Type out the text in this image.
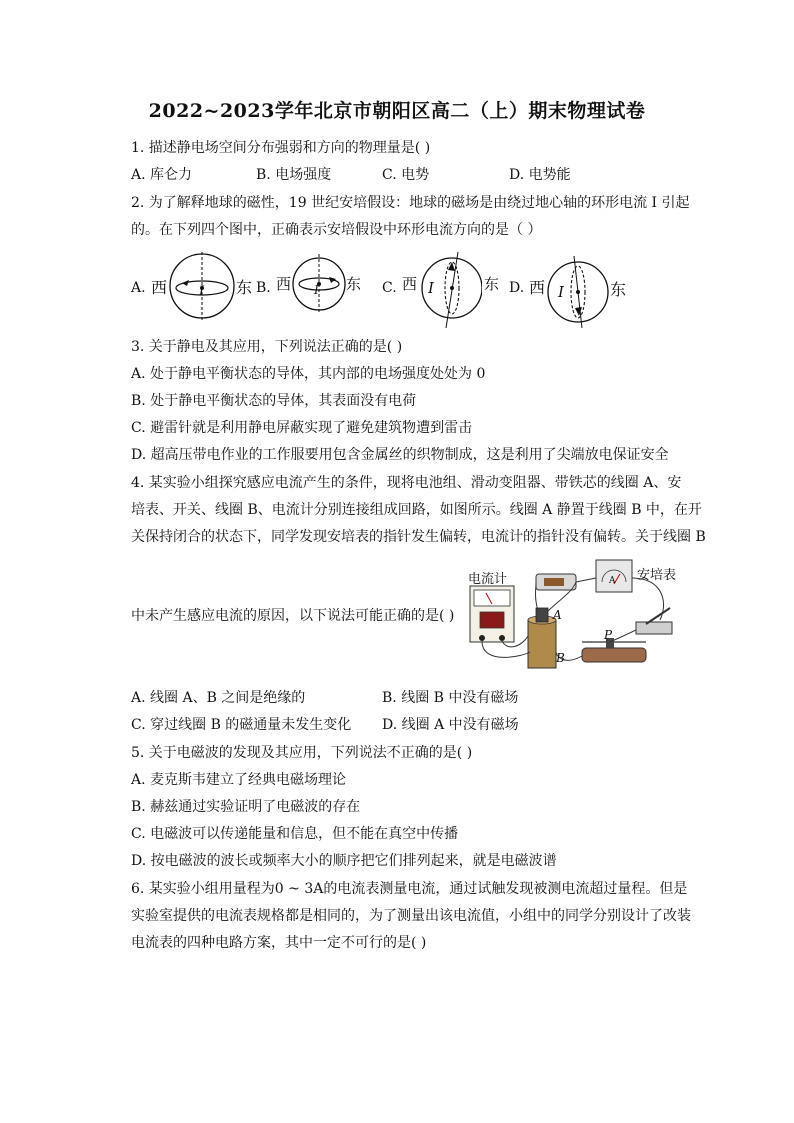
2022~2023学年北京市朝阳区高二（上）期末物理试卷
1. 描述静电场空间分布强弱和方向的物理量是( )
A. 库仑力	B. 电场强度	C. 电势	D. 电势能
2. 为了解释地球的磁性，19 世纪安培假设：地球的磁场是由绕过地心轴的环形电流 I 引起
的。在下列四个图中，正确表示安培假设中环形电流方向的是（ ）
A. 西 I 东 B. 西 I 东 C. 西 I	东 D. 西 I	东
3. 关于静电及其应用，下列说法正确的是( )
A. 处于静电平衡状态的导体，其内部的电场强度处处为 0
B. 处于静电平衡状态的导体，其表面没有电荷
C. 避雷针就是利用静电屏蔽实现了避免建筑物遭到雷击
D. 超高压带电作业的工作服要用包含金属丝的织物制成，这是利用了尖端放电保证安全
4. 某实验小组探究感应电流产生的条件，现将电池组、滑动变阻器、带铁芯的线圈 A、安
培表、开关、线圈 B、电流计分别连接组成回路，如图所示。线圈 A 静置于线圈 B 中，在开
关保持闭合的状态下，同学发现安培表的指针发生偏转，电流计的指针没有偏转。关于线圈 B
中未产生感应电流的原因，以下说法可能正确的是( )
电流计	安培表
A
A
B
P
A. 线圈 A、B 之间是绝缘的	B. 线圈 B 中没有磁场
C. 穿过线圈 B 的磁通量未发生变化 D. 线圈 A 中没有磁场
5. 关于电磁波的发现及其应用，下列说法不正确的是( )
A. 麦克斯韦建立了经典电磁场理论
B. 赫兹通过实验证明了电磁波的存在
C. 电磁波可以传递能量和信息，但不能在真空中传播
D. 按电磁波的波长或频率大小的顺序把它们排列起来，就是电磁波谱
6. 某实验小组用量程为0 ~ 3A的电流表测量电流，通过试触发现被测电流超过量程。但是
实验室提供的电流表规格都是相同的，为了测量出该电流值，小组中的同学分别设计了改装
电流表的四种电路方案，其中一定不可行的是( )
